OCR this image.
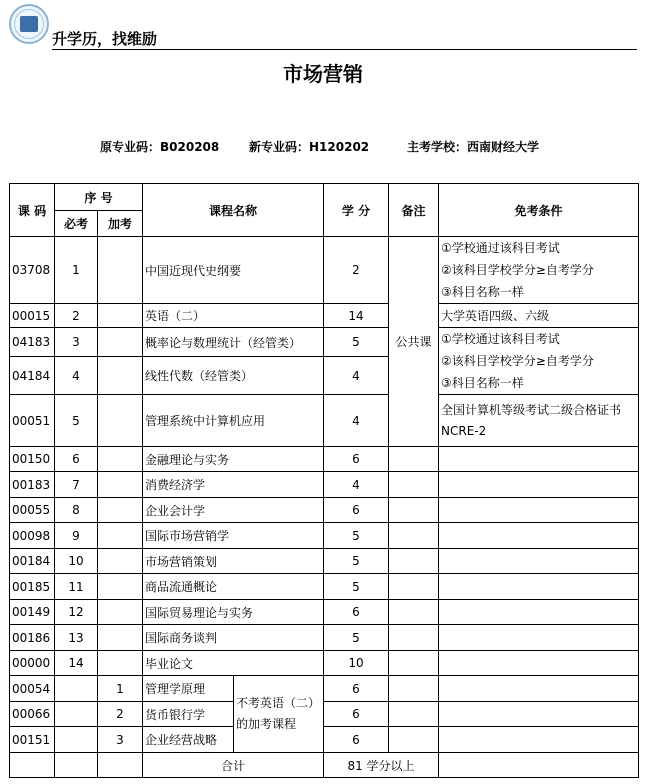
升学历，找维励
市场营销
原专业码：B020208 新专业码：H120202	主考学校：西南财经大学
课 码	序 号		课程名称		学 分	备注	免考条件
	必考	加考					
03708	1		中国近现代史纲要		2	公共课	①学校通过该科目考试
②该科目学校学分≥自考学分
③科目名称一样

00015	2		英语（二）		14		大学英语四级、六级
04183	3		概率论与数理统计（经管类）		5		①学校通过该科目考试
②该科目学校学分≥自考学分
③科目名称一样

04184	4		线性代数（经管类）		4		
00051	5		管理系统中计算机应用		4		全国计算机等级考试二级合格证书 NCRE-2
00150	6		金融理论与实务		6		
00183	7		消费经济学		4		
00055	8		企业会计学		6		
00098	9		国际市场营销学		5		
00184	10		市场营销策划		5		
00185	11		商品流通概论		5		
00149	12		国际贸易理论与实务		6		
00186	13		国际商务谈判		5		
00000	14		毕业论文		10		
00054		1	管理学原理	不考英语（二）的加考课程	6		
00066		2	货币银行学		6		
00151		3	企业经营战略		6		
			合计		81 学分以上		
